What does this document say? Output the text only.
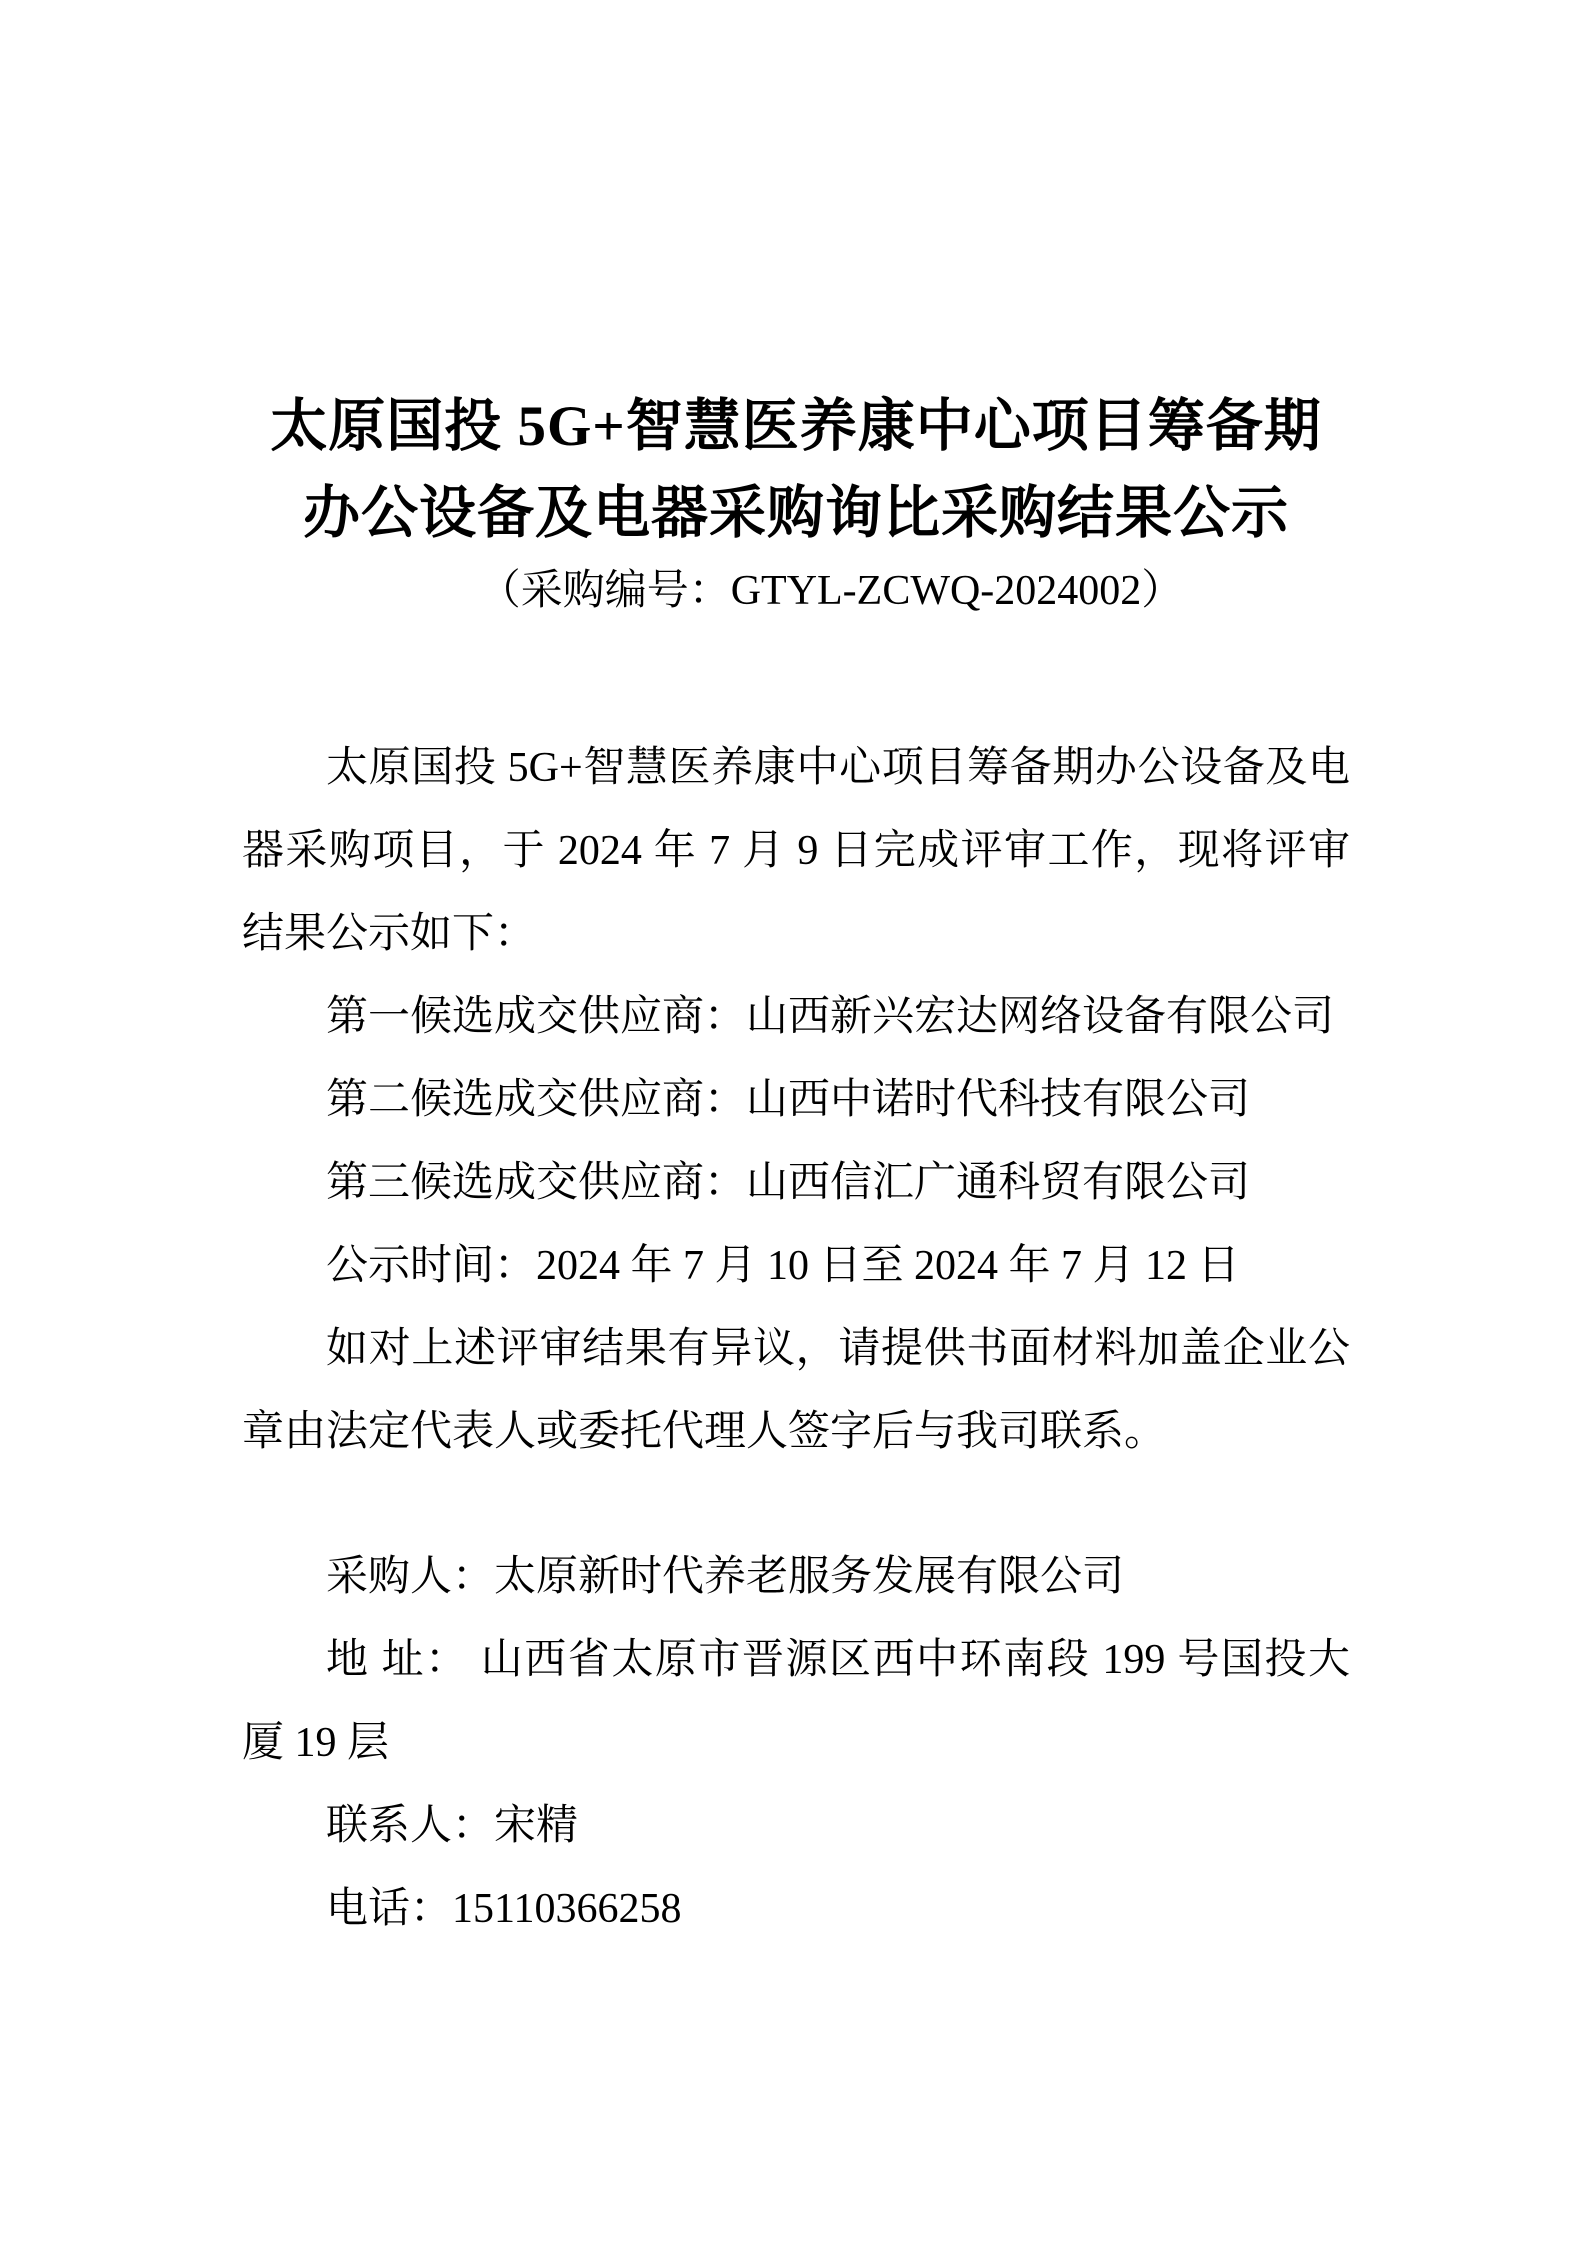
太原国投 5G+智慧医养康中心项目筹备期办公设备及电器采购询比采购结果公示
（采购编号：GTYL-ZCWQ-2024002）

太原国投 5G+智慧医养康中心项目筹备期办公设备及电器采购项目，于 2024 年 7 月 9 日完成评审工作，现将评审结果公示如下：

第一候选成交供应商：山西新兴宏达网络设备有限公司

第二候选成交供应商：山西中诺时代科技有限公司

第三候选成交供应商：山西信汇广通科贸有限公司

公示时间：2024 年 7 月 10 日至 2024 年 7 月 12 日

如对上述评审结果有异议，请提供书面材料加盖企业公章由法定代表人或委托代理人签字后与我司联系。

采购人：太原新时代养老服务发展有限公司

地 址： 山西省太原市晋源区西中环南段 199 号国投大厦 19 层

联系人：宋精

电话：15110366258
